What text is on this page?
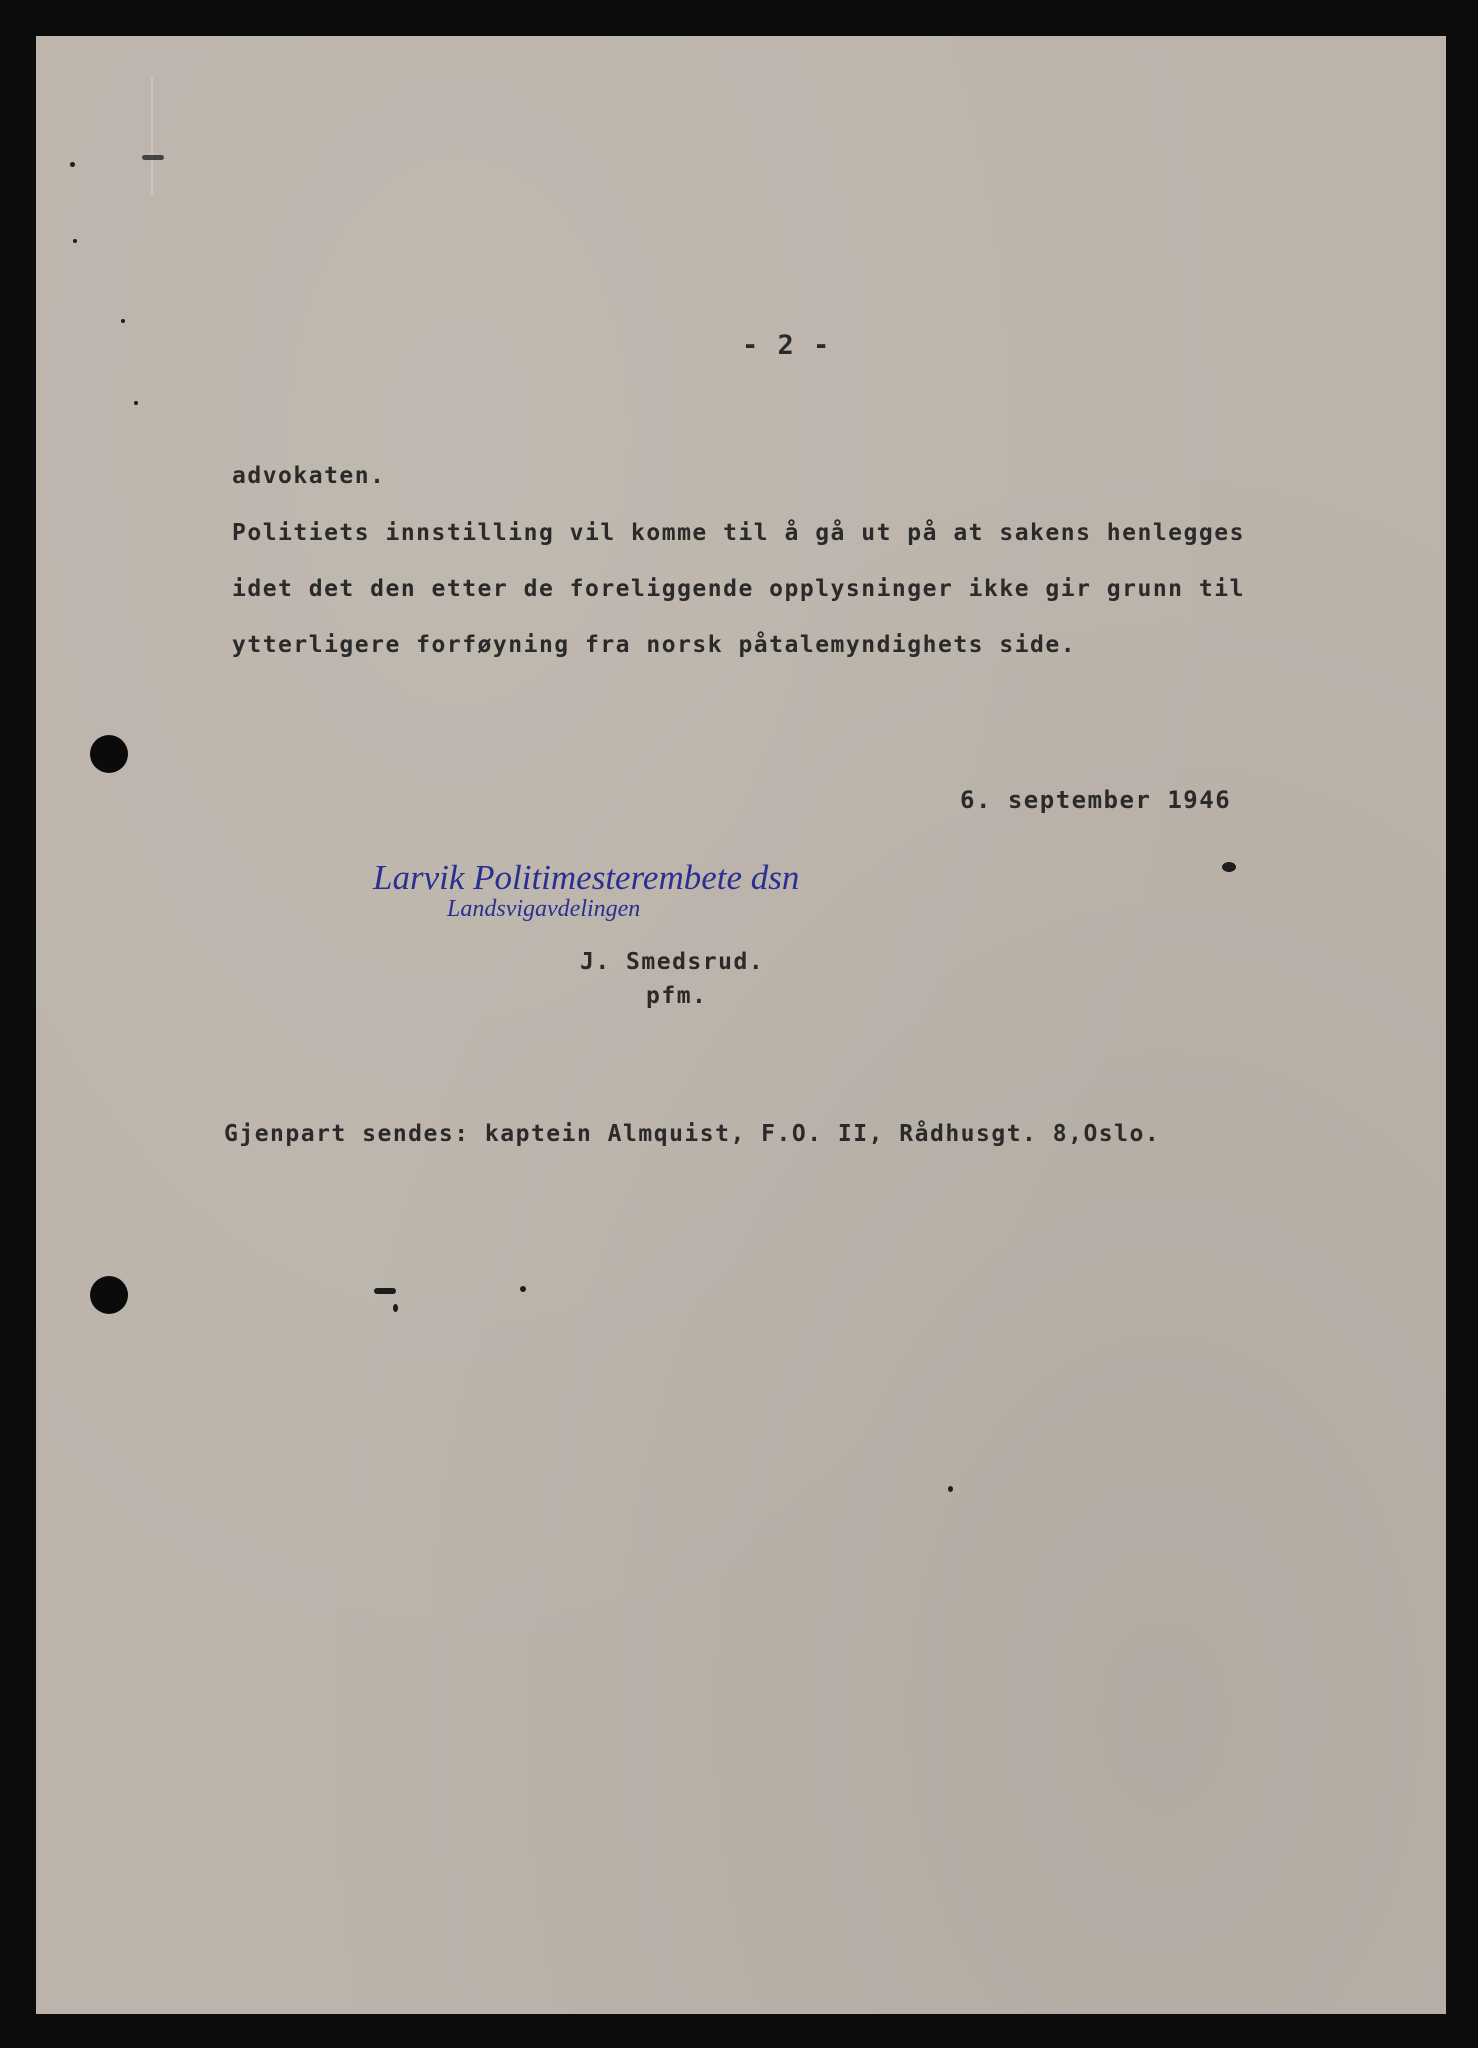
- 2 -
advokaten.
Politiets innstilling vil komme til å gå ut på at sakens henlegges
idet det den etter de foreliggende opplysninger ikke gir grunn til
ytterligere forføyning fra norsk påtalemyndighets side.
6. september 1946
Larvik Politimesterembete dsn
Landsvigavdelingen
J. Smedsrud.
pfm.
Gjenpart sendes: kaptein Almquist, F.O. II, Rådhusgt. 8,Oslo.
